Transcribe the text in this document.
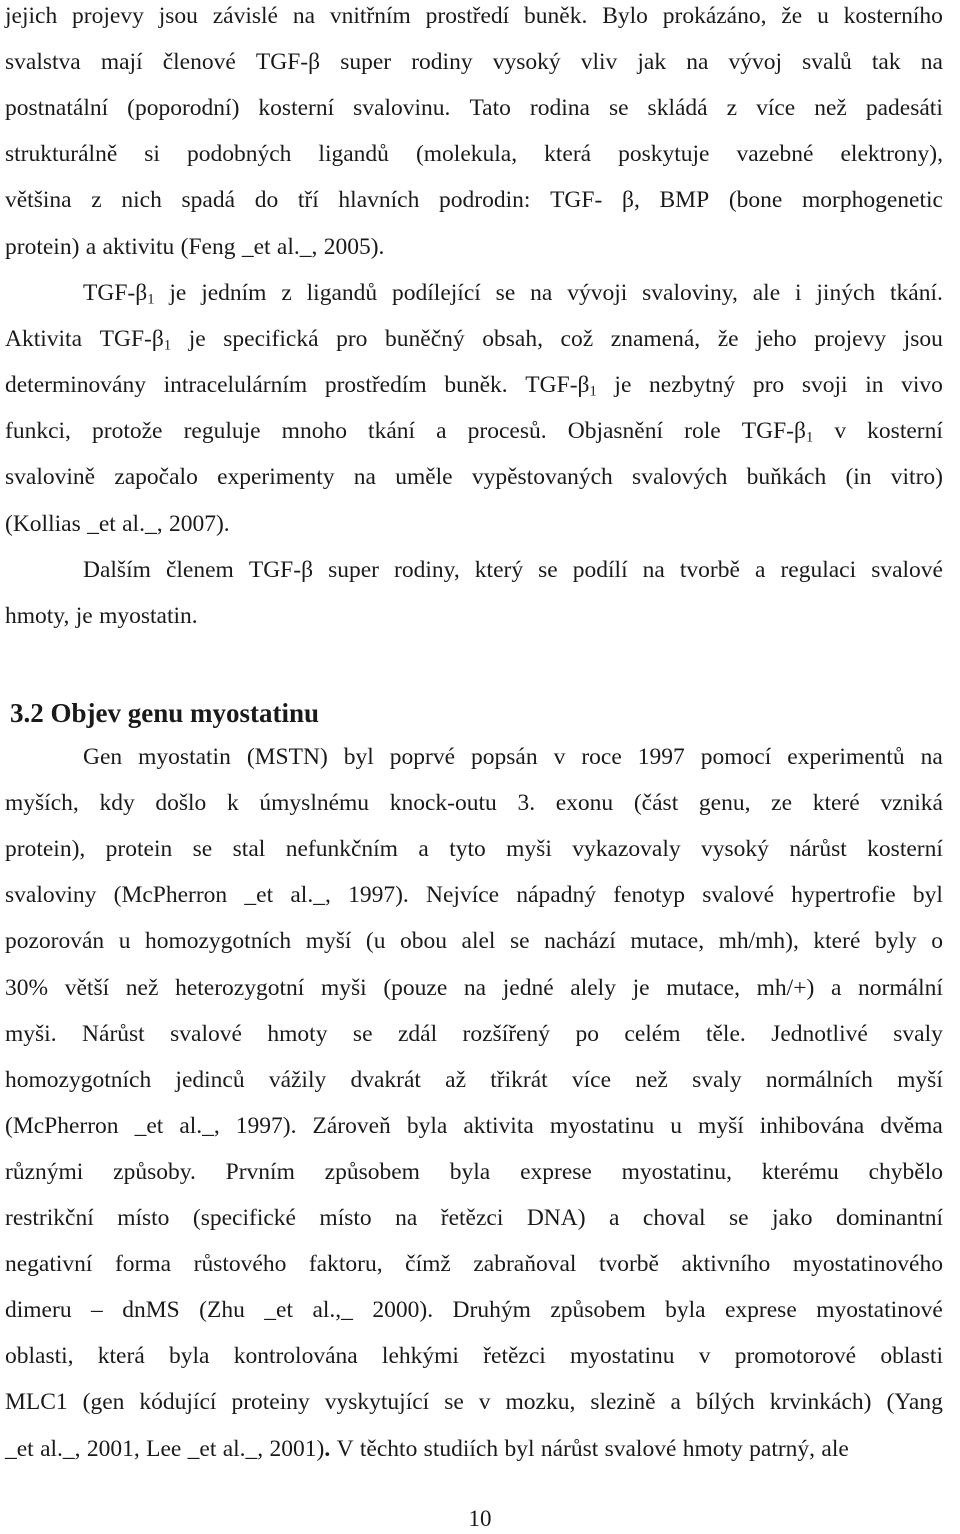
jejich projevy jsou závislé na vnitřním prostředí buněk. Bylo prokázáno, že u kosterního
svalstva mají členové TGF-β super rodiny vysoký vliv jak na vývoj svalů tak na
postnatální (poporodní) kosterní svalovinu. Tato rodina se skládá z více než padesáti
strukturálně si podobných ligandů (molekula, která poskytuje vazebné elektrony),
většina z nich spadá do tří hlavních podrodin: TGF- β, BMP (bone morphogenetic
protein) a aktivitu (Feng _et al._, 2005).
TGF-$\beta_1$ je jedním z ligandů podílející se na vývoji svaloviny, ale i jiných tkání.
Aktivita TGF-$\beta_1$ je specifická pro buněčný obsah, což znamená, že jeho projevy jsou
determinovány intracelulárním prostředím buněk. TGF-$\beta_1$ je nezbytný pro svoji in vivo
funkci, protože reguluje mnoho tkání a procesů. Objasnění role TGF-$\beta_1$ v kosterní
svalovině započalo experimenty na uměle vypěstovaných svalových buňkách (in vitro)
(Kollias _et al._, 2007).
Dalším členem TGF-β super rodiny, který se podílí na tvorbě a regulaci svalové
hmoty, je myostatin.
3.2 Objev genu myostatinu
Gen myostatin (MSTN) byl poprvé popsán v roce 1997 pomocí experimentů na
myších, kdy došlo k úmyslnému knock-outu 3. exonu (část genu, ze které vzniká
protein), protein se stal nefunkčním a tyto myši vykazovaly vysoký nárůst kosterní
svaloviny (McPherron _et al._, 1997). Nejvíce nápadný fenotyp svalové hypertrofie byl
pozorován u homozygotních myší (u obou alel se nachází mutace, mh/mh), které byly o
30% větší než heterozygotní myši (pouze na jedné alely je mutace, mh/+) a normální
myši. Nárůst svalové hmoty se zdál rozšířený po celém těle. Jednotlivé svaly
homozygotních jedinců vážily dvakrát až třikrát více než svaly normálních myší
(McPherron _et al._, 1997). Zároveň byla aktivita myostatinu u myší inhibována dvěma
různými způsoby. Prvním způsobem byla exprese myostatinu, kterému chybělo
restrikční místo (specifické místo na řetězci DNA) a choval se jako dominantní
negativní forma růstového faktoru, čímž zabraňoval tvorbě aktivního myostatinového
dimeru – dnMS (Zhu _et al.,_ 2000). Druhým způsobem byla exprese myostatinové
oblasti, která byla kontrolována lehkými řetězci myostatinu v promotorové oblasti
MLC1 (gen kódující proteiny vyskytující se v mozku, slezině a bílých krvinkách) (Yang
_et al._, 2001, Lee _et al._, 2001). V těchto studiích byl nárůst svalové hmoty patrný, ale
10
